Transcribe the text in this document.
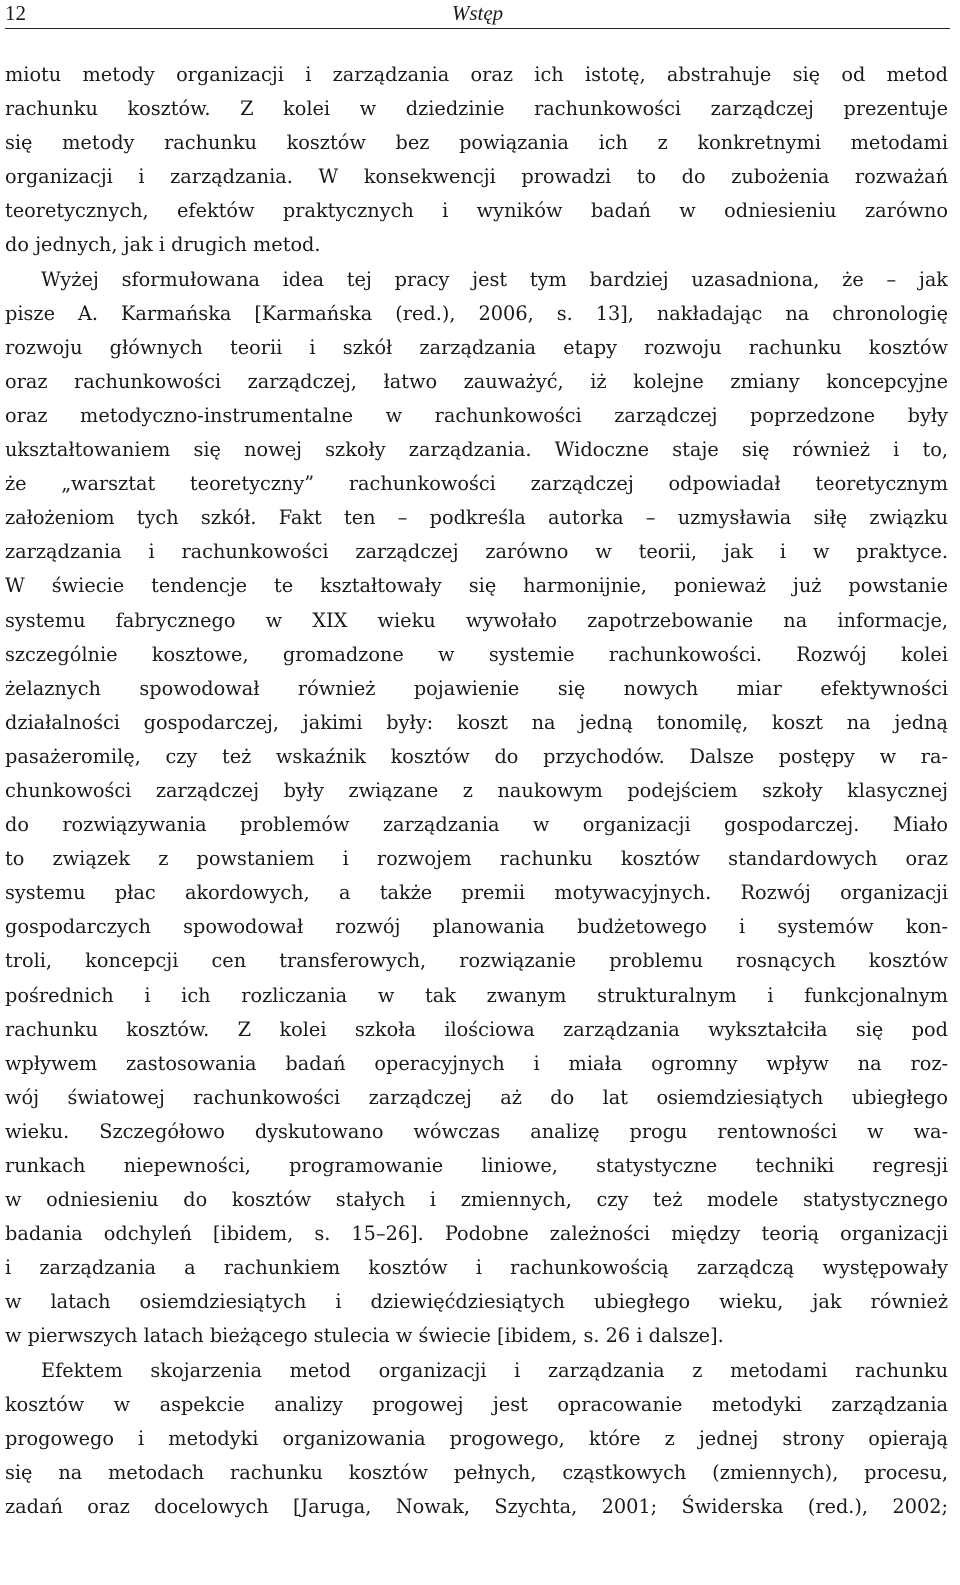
12	Wstęp
miotu metody organizacji i zarządzania oraz ich istotę, abstrahuje się od metod
rachunku kosztów. Z kolei w dziedzinie rachunkowości zarządczej prezentuje
się metody rachunku kosztów bez powiązania ich z konkretnymi metodami
organizacji i zarządzania. W konsekwencji prowadzi to do zubożenia rozważań
teoretycznych, efektów praktycznych i wyników badań w odniesieniu zarówno
do jednych, jak i drugich metod.
Wyżej sformułowana idea tej pracy jest tym bardziej uzasadniona, że – jak
pisze A. Karmańska [Karmańska (red.), 2006, s. 13], nakładając na chronologię
rozwoju głównych teorii i szkół zarządzania etapy rozwoju rachunku kosztów
oraz rachunkowości zarządczej, łatwo zauważyć, iż kolejne zmiany koncepcyjne
oraz metodyczno-instrumentalne w rachunkowości zarządczej poprzedzone były
ukształtowaniem się nowej szkoły zarządzania. Widoczne staje się również i to,
że „warsztat teoretyczny” rachunkowości zarządczej odpowiadał teoretycznym
założeniom tych szkół. Fakt ten – podkreśla autorka – uzmysławia siłę związku
zarządzania i rachunkowości zarządczej zarówno w teorii, jak i w praktyce.
W świecie tendencje te kształtowały się harmonijnie, ponieważ już powstanie
systemu fabrycznego w XIX wieku wywołało zapotrzebowanie na informacje,
szczególnie kosztowe, gromadzone w systemie rachunkowości. Rozwój kolei
żelaznych spowodował również pojawienie się nowych miar efektywności
działalności gospodarczej, jakimi były: koszt na jedną tonomilę, koszt na jedną
pasażeromilę, czy też wskaźnik kosztów do przychodów. Dalsze postępy w ra-
chunkowości zarządczej były związane z naukowym podejściem szkoły klasycznej
do rozwiązywania problemów zarządzania w organizacji gospodarczej. Miało
to związek z powstaniem i rozwojem rachunku kosztów standardowych oraz
systemu płac akordowych, a także premii motywacyjnych. Rozwój organizacji
gospodarczych spowodował rozwój planowania budżetowego i systemów kon-
troli, koncepcji cen transferowych, rozwiązanie problemu rosnących kosztów
pośrednich i ich rozliczania w tak zwanym strukturalnym i funkcjonalnym
rachunku kosztów. Z kolei szkoła ilościowa zarządzania wykształciła się pod
wpływem zastosowania badań operacyjnych i miała ogromny wpływ na roz-
wój światowej rachunkowości zarządczej aż do lat osiemdziesiątych ubiegłego
wieku. Szczegółowo dyskutowano wówczas analizę progu rentowności w wa-
runkach niepewności, programowanie liniowe, statystyczne techniki regresji
w odniesieniu do kosztów stałych i zmiennych, czy też modele statystycznego
badania odchyleń [ibidem, s. 15–26]. Podobne zależności między teorią organizacji
i zarządzania a rachunkiem kosztów i rachunkowością zarządczą występowały
w latach osiemdziesiątych i dziewięćdziesiątych ubiegłego wieku, jak również
w pierwszych latach bieżącego stulecia w świecie [ibidem, s. 26 i dalsze].
Efektem skojarzenia metod organizacji i zarządzania z metodami rachunku
kosztów w aspekcie analizy progowej jest opracowanie metodyki zarządzania
progowego i metodyki organizowania progowego, które z jednej strony opierają
się na metodach rachunku kosztów pełnych, cząstkowych (zmiennych), procesu,
zadań oraz docelowych [Jaruga, Nowak, Szychta, 2001; Świderska (red.), 2002;
